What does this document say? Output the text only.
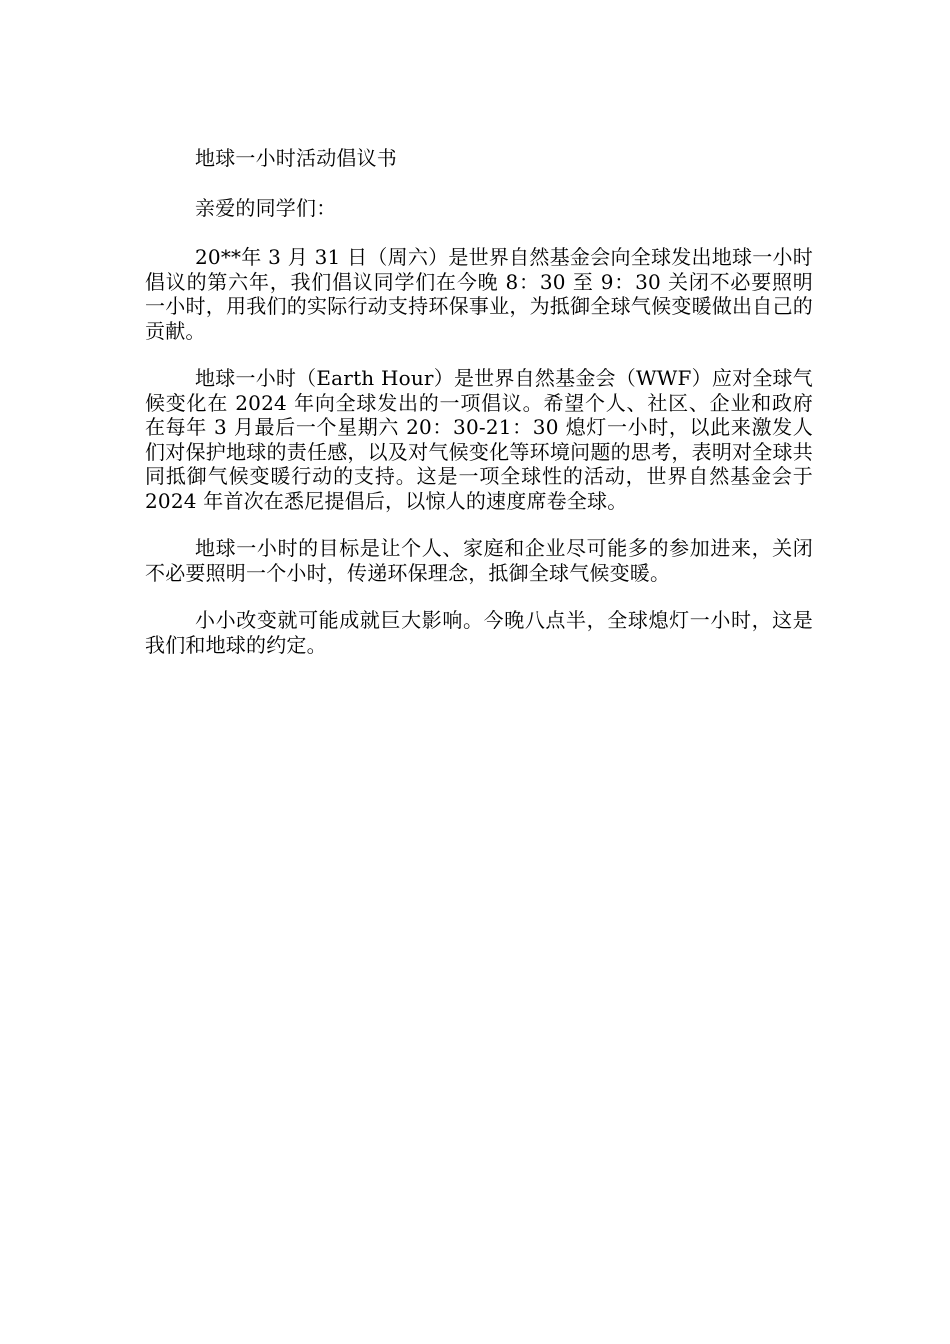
地球一小时活动倡议书

亲爱的同学们：

20**年 3 月 31 日（周六）是世界自然基金会向全球发出地球一小时倡议的第六年，我们倡议同学们在今晚 8：30 至 9：30 关闭不必要照明一小时，用我们的实际行动支持环保事业，为抵御全球气候变暖做出自己的贡献。

地球一小时（Earth Hour）是世界自然基金会（WWF）应对全球气候变化在 2024 年向全球发出的一项倡议。希望个人、社区、企业和政府在每年 3 月最后一个星期六 20：30-21：30 熄灯一小时，以此来激发人们对保护地球的责任感，以及对气候变化等环境问题的思考，表明对全球共同抵御气候变暖行动的支持。这是一项全球性的活动，世界自然基金会于 2024 年首次在悉尼提倡后，以惊人的速度席卷全球。

地球一小时的目标是让个人、家庭和企业尽可能多的参加进来，关闭不必要照明一个小时，传递环保理念，抵御全球气候变暖。

小小改变就可能成就巨大影响。今晚八点半，全球熄灯一小时，这是我们和地球的约定。
